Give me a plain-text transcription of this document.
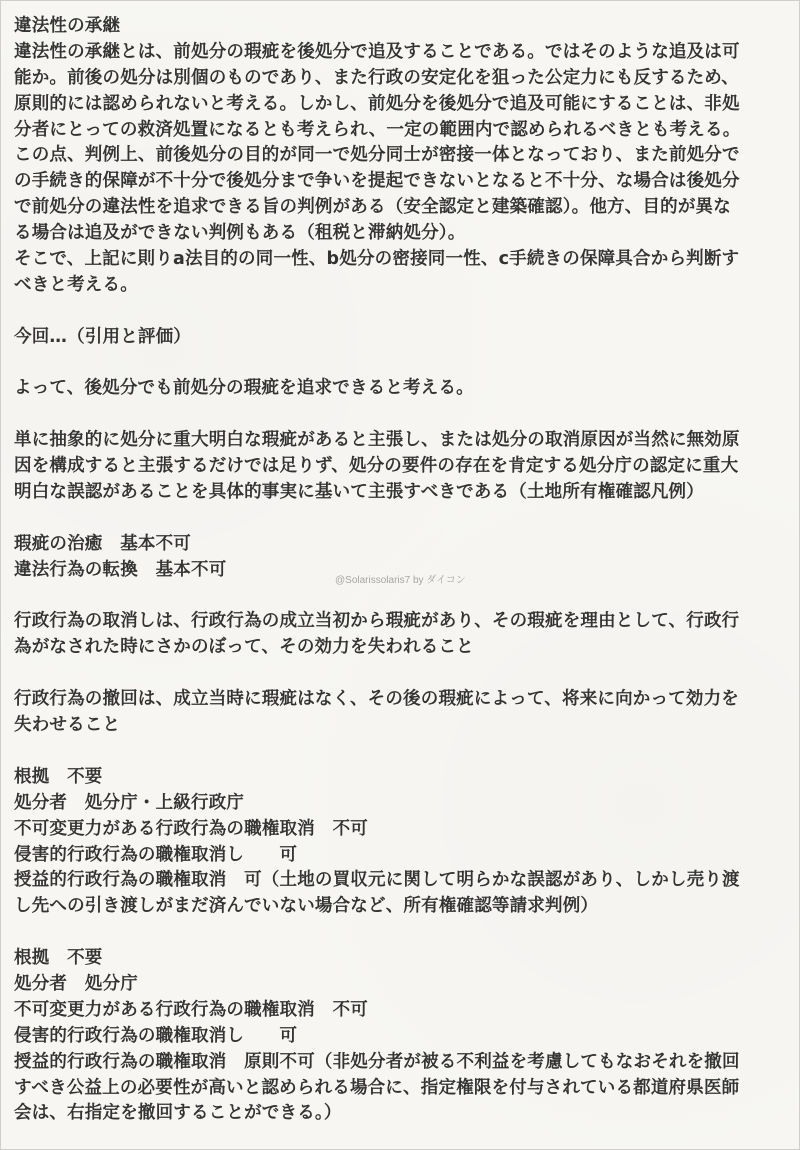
違法性の承継
違法性の承継とは、前処分の瑕疵を後処分で追及することである。ではそのような追及は可
能か。前後の処分は別個のものであり、また行政の安定化を狙った公定力にも反するため、
原則的には認められないと考える。しかし、前処分を後処分で追及可能にすることは、非処
分者にとっての救済処置になるとも考えられ、一定の範囲内で認められるべきとも考える。
この点、判例上、前後処分の目的が同一で処分同士が密接一体となっており、また前処分で
の手続き的保障が不十分で後処分まで争いを提起できないとなると不十分、な場合は後処分
で前処分の違法性を追求できる旨の判例がある（安全認定と建築確認）。他方、目的が異な
る場合は追及ができない判例もある（租税と滞納処分）。
そこで、上記に則りa法目的の同一性、b処分の密接同一性、c手続きの保障具合から判断す
べきと考える。
今回…（引用と評価）
よって、後処分でも前処分の瑕疵を追求できると考える。
単に抽象的に処分に重大明白な瑕疵があると主張し、または処分の取消原因が当然に無効原
因を構成すると主張するだけでは足りず、処分の要件の存在を肯定する処分庁の認定に重大
明白な誤認があることを具体的事実に基いて主張すべきである（土地所有権確認凡例）
瑕疵の治癒　基本不可
違法行為の転換　基本不可
行政行為の取消しは、行政行為の成立当初から瑕疵があり、その瑕疵を理由として、行政行
為がなされた時にさかのぼって、その効力を失われること
行政行為の撤回は、成立当時に瑕疵はなく、その後の瑕疵によって、将来に向かって効力を
失わせること
根拠　不要
処分者　処分庁・上級行政庁
不可変更力がある行政行為の職権取消　不可
侵害的行政行為の職権取消し　　可
授益的行政行為の職権取消　可（土地の買収元に関して明らかな誤認があり、しかし売り渡
し先への引き渡しがまだ済んでいない場合など、所有権確認等請求判例）
根拠　不要
処分者　処分庁
不可変更力がある行政行為の職権取消　不可
侵害的行政行為の職権取消し　　可
授益的行政行為の職権取消　原則不可（非処分者が被る不利益を考慮してもなおそれを撤回
すべき公益上の必要性が高いと認められる場合に、指定権限を付与されている都道府県医師
会は、右指定を撤回することができる。）
@Solarissolaris7 by ダイコン
